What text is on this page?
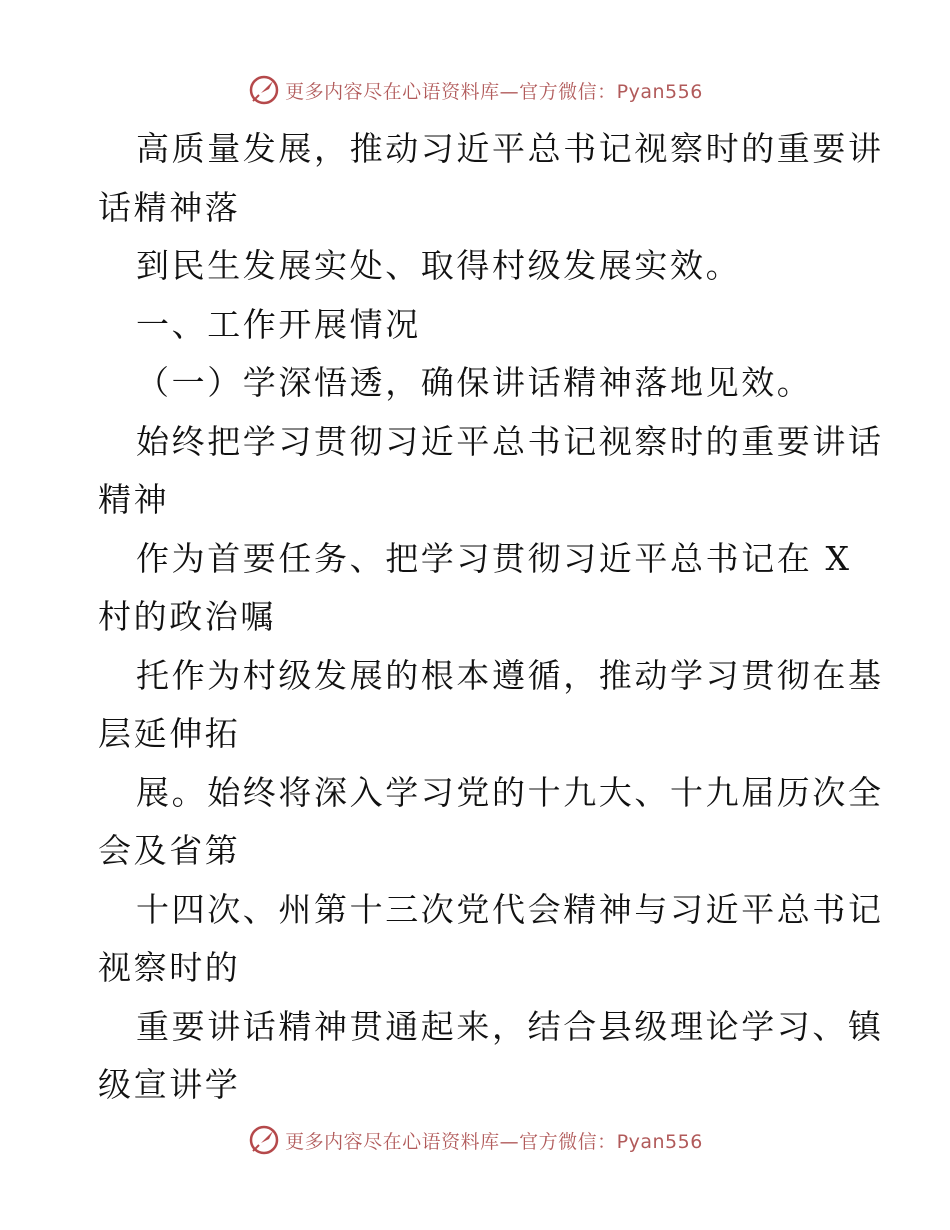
更多内容尽在心语资料库—官方微信：Pyan556
高质量发展，推动习近平总书记视察时的重要讲
话精神落
到民生发展实处、取得村级发展实效。
一、工作开展情况
（一）学深悟透，确保讲话精神落地见效。
始终把学习贯彻习近平总书记视察时的重要讲话
精神
作为首要任务、把学习贯彻习近平总书记在 X
村的政治嘱
托作为村级发展的根本遵循，推动学习贯彻在基
层延伸拓
展。始终将深入学习党的十九大、十九届历次全
会及省第
十四次、州第十三次党代会精神与习近平总书记
视察时的
重要讲话精神贯通起来，结合县级理论学习、镇
级宣讲学
更多内容尽在心语资料库—官方微信：Pyan556
